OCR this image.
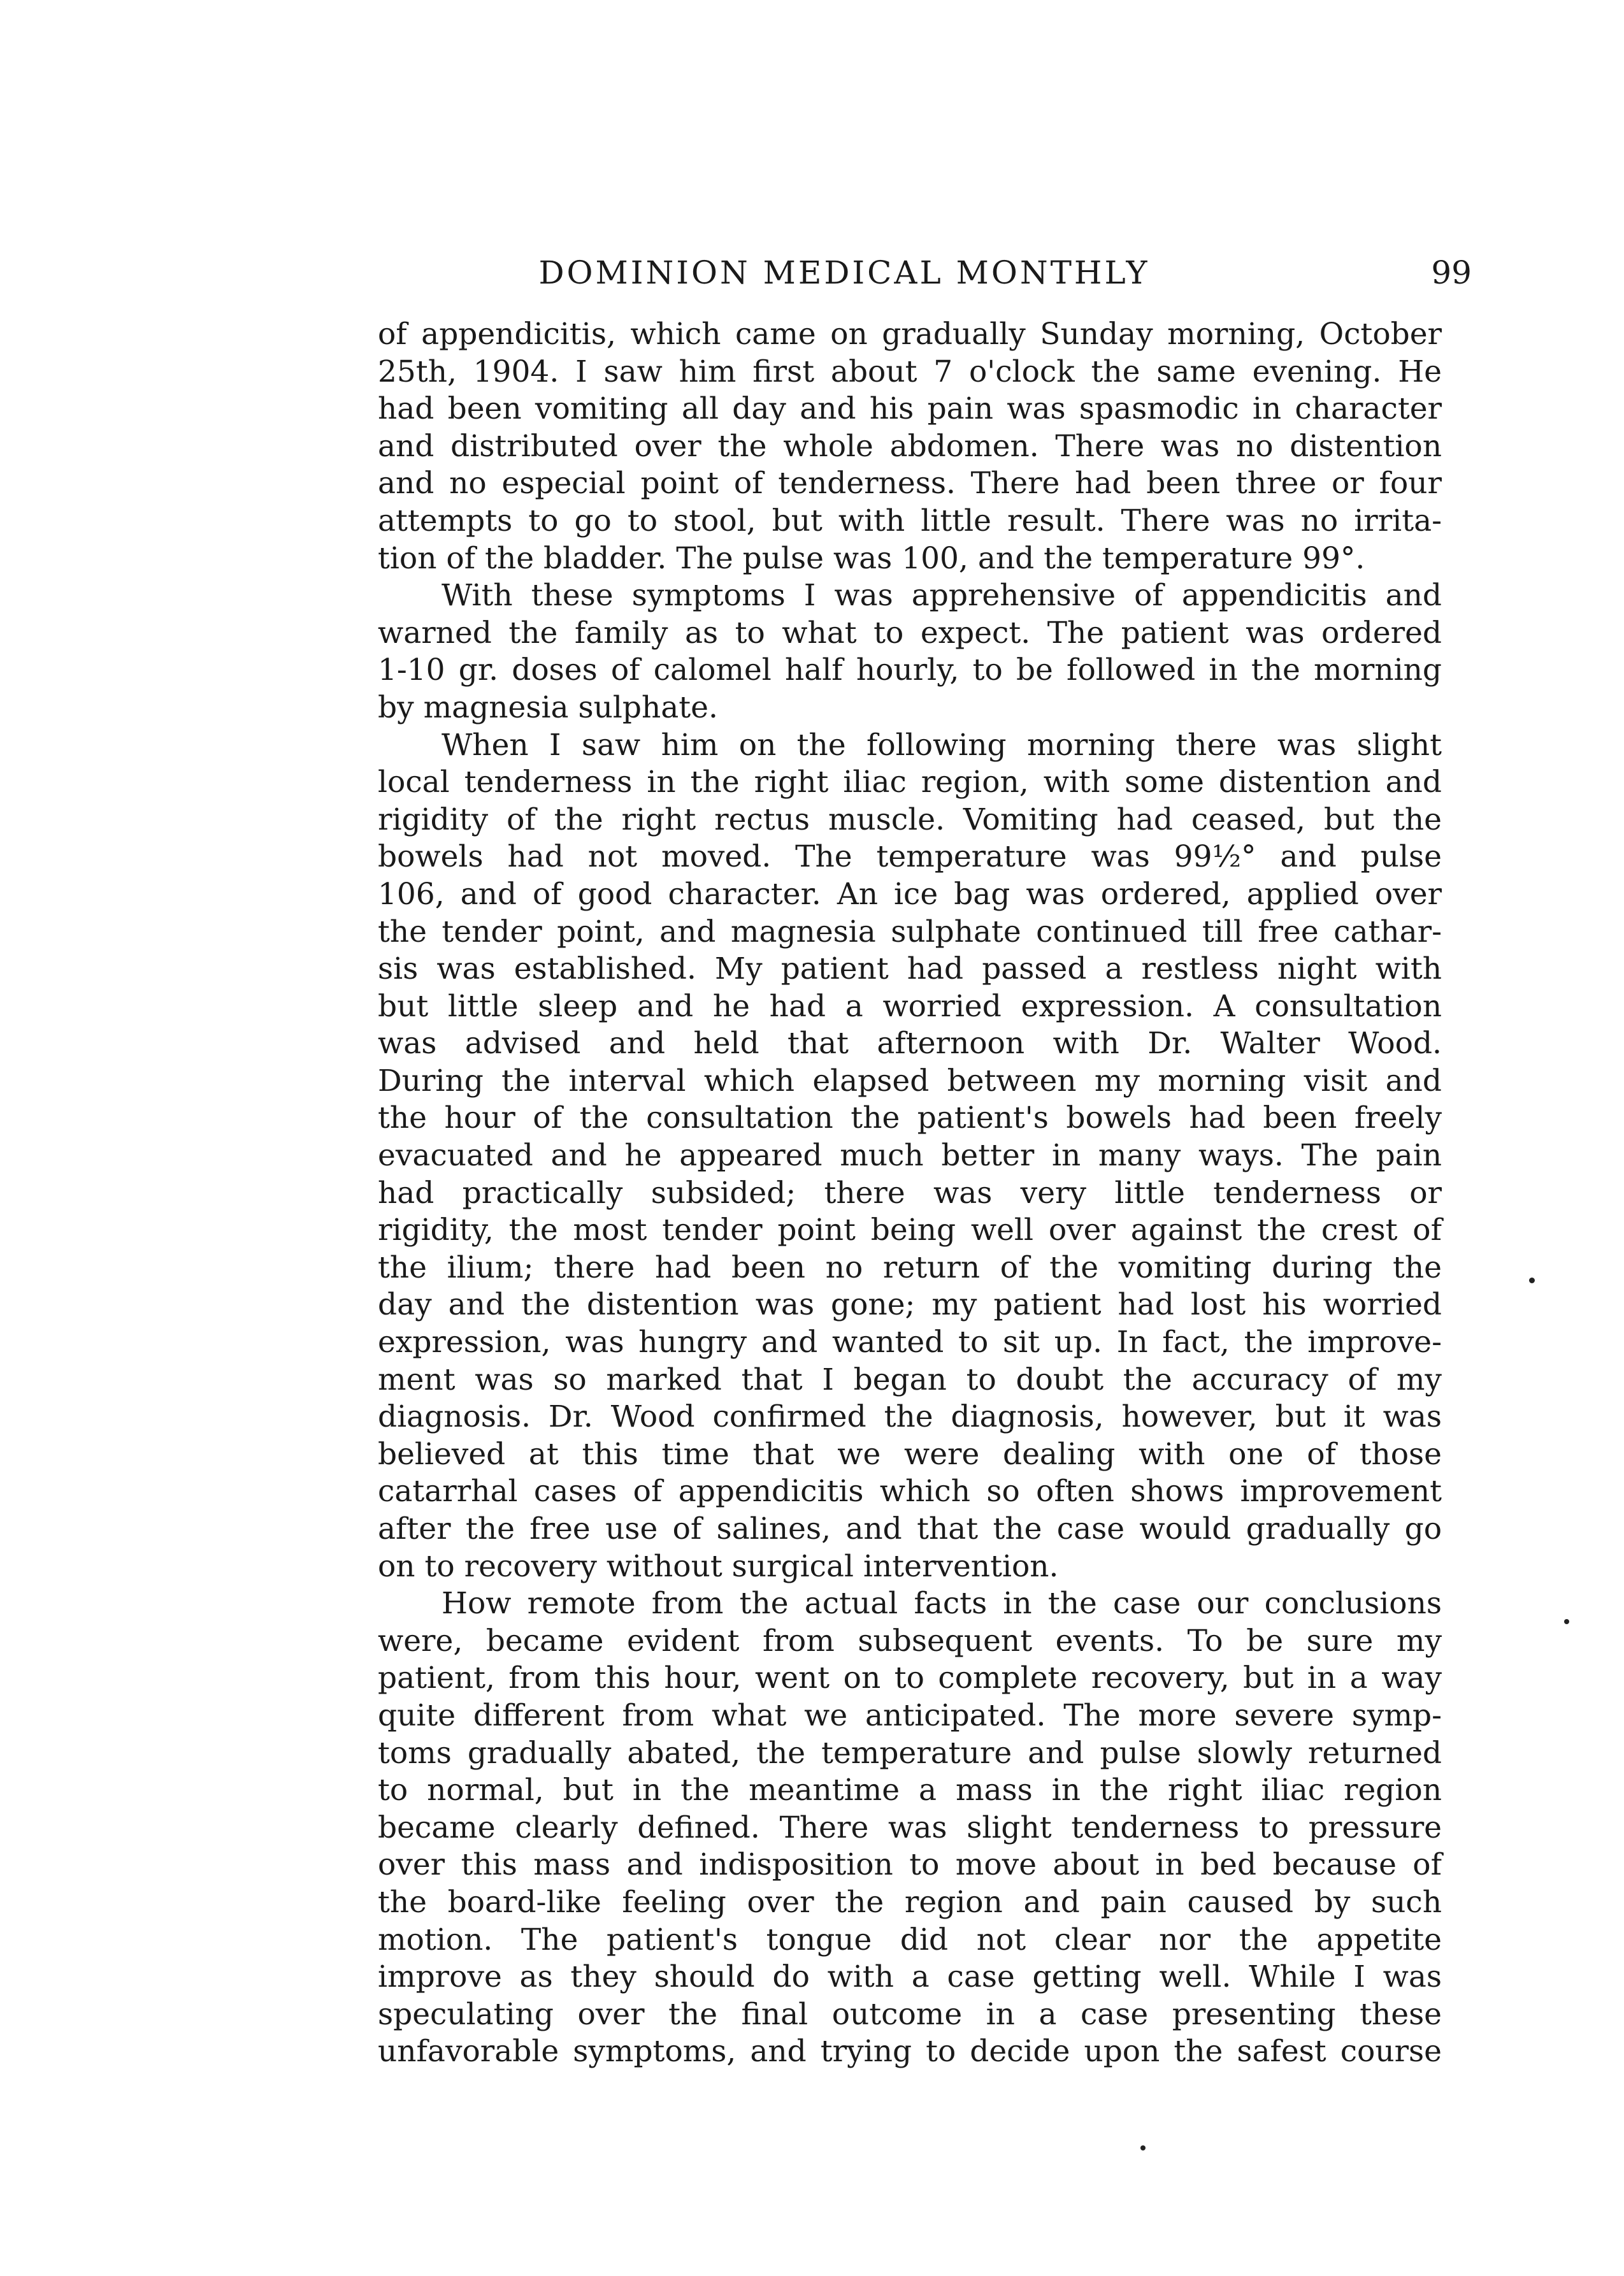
DOMINION MEDICAL MONTHLY	99
of appendicitis, which came on gradually Sunday morning, October
25th, 1904. I saw him first about 7 o'clock the same evening. He
had been vomiting all day and his pain was spasmodic in character
and distributed over the whole abdomen. There was no distention
and no especial point of tenderness. There had been three or four
attempts to go to stool, but with little result. There was no irrita-
tion of the bladder. The pulse was 100, and the temperature 99°.
With these symptoms I was apprehensive of appendicitis and
warned the family as to what to expect. The patient was ordered
1-10 gr. doses of calomel half hourly, to be followed in the morning
by magnesia sulphate.
When I saw him on the following morning there was slight
local tenderness in the right iliac region, with some distention and
rigidity of the right rectus muscle. Vomiting had ceased, but the
bowels had not moved. The temperature was 99½° and pulse
106, and of good character. An ice bag was ordered, applied over
the tender point, and magnesia sulphate continued till free cathar-
sis was established. My patient had passed a restless night with
but little sleep and he had a worried expression. A consultation
was advised and held that afternoon with Dr. Walter Wood.
During the interval which elapsed between my morning visit and
the hour of the consultation the patient's bowels had been freely
evacuated and he appeared much better in many ways. The pain
had practically subsided; there was very little tenderness or
rigidity, the most tender point being well over against the crest of
the ilium; there had been no return of the vomiting during the
day and the distention was gone; my patient had lost his worried
expression, was hungry and wanted to sit up. In fact, the improve-
ment was so marked that I began to doubt the accuracy of my
diagnosis. Dr. Wood confirmed the diagnosis, however, but it was
believed at this time that we were dealing with one of those
catarrhal cases of appendicitis which so often shows improvement
after the free use of salines, and that the case would gradually go
on to recovery without surgical intervention.
How remote from the actual facts in the case our conclusions
were, became evident from subsequent events. To be sure my
patient, from this hour, went on to complete recovery, but in a way
quite different from what we anticipated. The more severe symp-
toms gradually abated, the temperature and pulse slowly returned
to normal, but in the meantime a mass in the right iliac region
became clearly defined. There was slight tenderness to pressure
over this mass and indisposition to move about in bed because of
the board-like feeling over the region and pain caused by such
motion. The patient's tongue did not clear nor the appetite
improve as they should do with a case getting well. While I was
speculating over the final outcome in a case presenting these
unfavorable symptoms, and trying to decide upon the safest course
